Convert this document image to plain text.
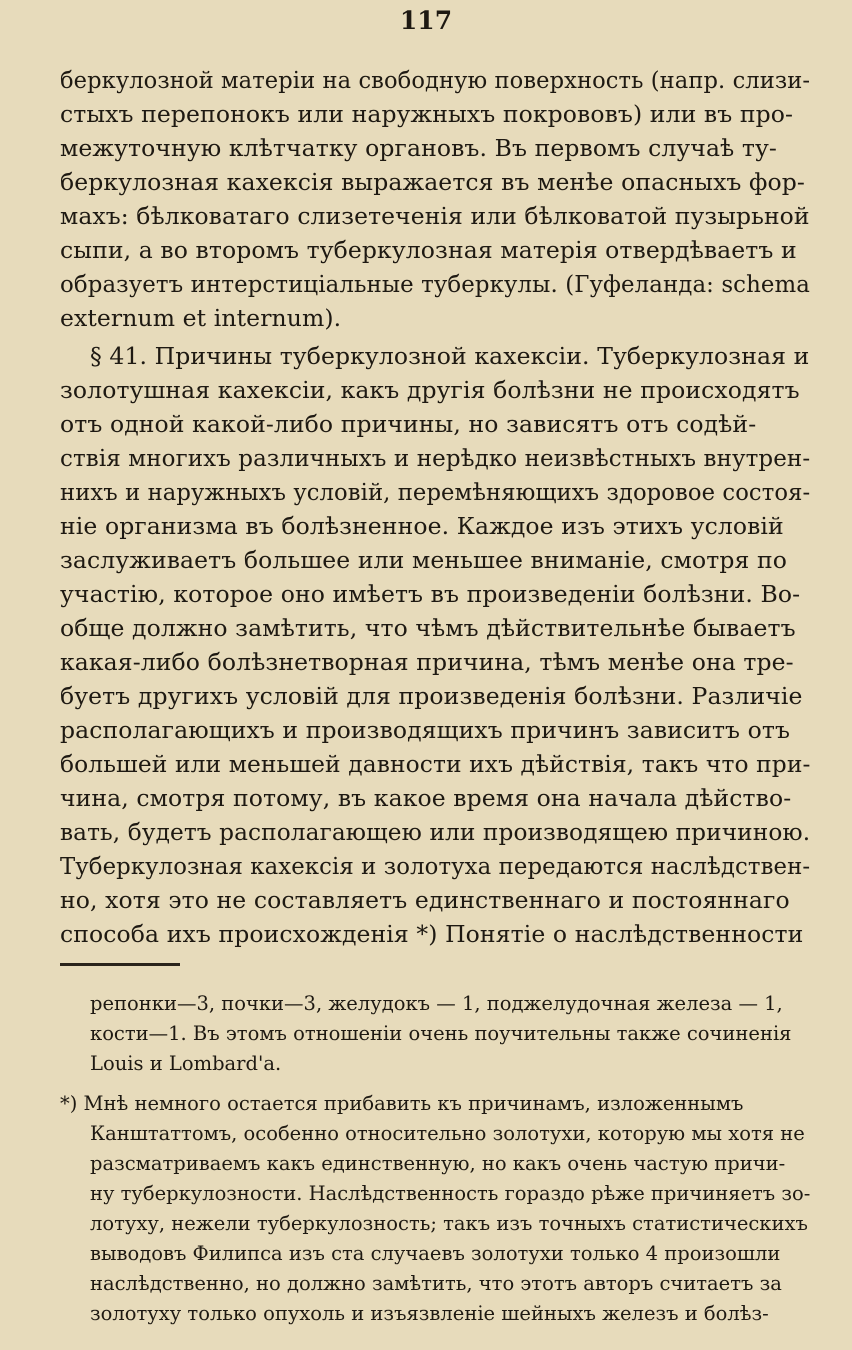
117
беркулозной матеріи на свободную поверхность (напр. слизи-
стыхъ перепонокъ или наружныхъ покрововъ) или въ про-
межуточную клѣтчатку органовъ. Въ первомъ случаѣ ту-
беркулозная кахексія выражается въ менѣе опасныхъ фор-
махъ: бѣлковатаго слизетеченія или бѣлковатой пузырьной
сыпи, а во второмъ туберкулозная матерія отвердѣваетъ и
образуетъ интерстиціальные туберкулы. (Гуфеланда: schema
externum et internum).
§ 41. Причины туберкулозной кахексіи. Туберкулозная и
золотушная кахексіи, какъ другія болѣзни не происходятъ
отъ одной какой-либо причины, но зависятъ отъ содѣй-
ствія многихъ различныхъ и нерѣдко неизвѣстныхъ внутрен-
нихъ и наружныхъ условій, перемѣняющихъ здоровое состоя-
ніе организма въ болѣзненное. Каждое изъ этихъ условій
заслуживаетъ большее или меньшее вниманіе, смотря по
участію, которое оно имѣетъ въ произведеніи болѣзни. Во-
обще должно замѣтить, что чѣмъ дѣйствительнѣе бываетъ
какая-либо болѣзнетворная причина, тѣмъ менѣе она тре-
буетъ другихъ условій для произведенія болѣзни. Различіе
располагающихъ и производящихъ причинъ зависитъ отъ
большей или меньшей давности ихъ дѣйствія, такъ что при-
чина, смотря потому, въ какое время она начала дѣйство-
вать, будетъ располагающею или производящею причиною.
Туберкулозная кахексія и золотуха передаются наслѣдствен-
но, хотя это не составляетъ единственнаго и постояннаго
способа ихъ происхожденія *) Понятіе о наслѣдственности
репонки—3, почки—3, желудокъ — 1, поджелудочная железа — 1,
кости—1. Въ этомъ отношеніи очень поучительны также сочиненія
Louis и Lombard'a.
*) Мнѣ немного остается прибавить къ причинамъ, изложеннымъ
Канштаттомъ, особенно относительно золотухи, которую мы хотя не
разсматриваемъ какъ единственную, но какъ очень частую причи-
ну туберкулозности. Наслѣдственность гораздо рѣже причиняетъ зо-
лотуху, нежели туберкулозность; такъ изъ точныхъ статистическихъ
выводовъ Филипса изъ ста случаевъ золотухи только 4 произошли
наслѣдственно, но должно замѣтить, что этотъ авторъ считаетъ за
золотуху только опухоль и изъязвленіе шейныхъ железъ и болѣз-
